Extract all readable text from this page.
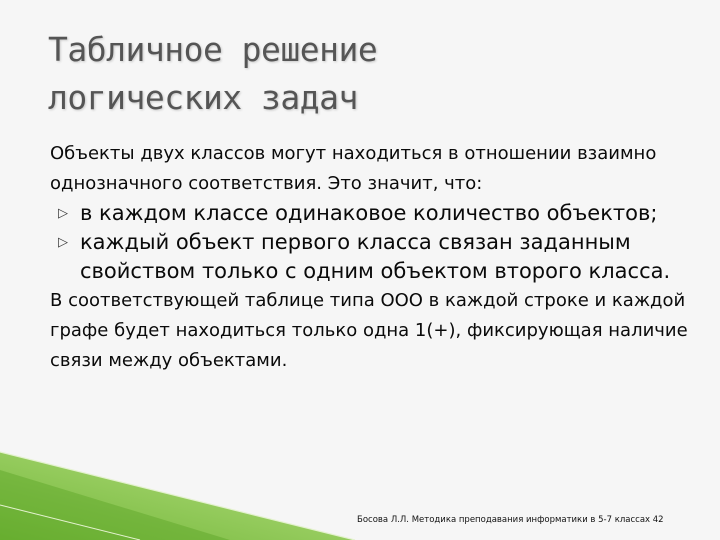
Табличное решение
логических задач

Объекты двух классов могут находиться в отношении взаимно однозначного соответствия. Это значит, что:

▷ в каждом классе одинаковое количество объектов;
▷ каждый объект первого класса связан заданным свойством только с одним объектом второго класса.

В соответствующей таблице типа ООО в каждой строке и каждой графе будет находиться только одна 1(+), фиксирующая наличие связи между объектами.

Босова Л.Л. Методика преподавания информатики в 5-7 классах 42
